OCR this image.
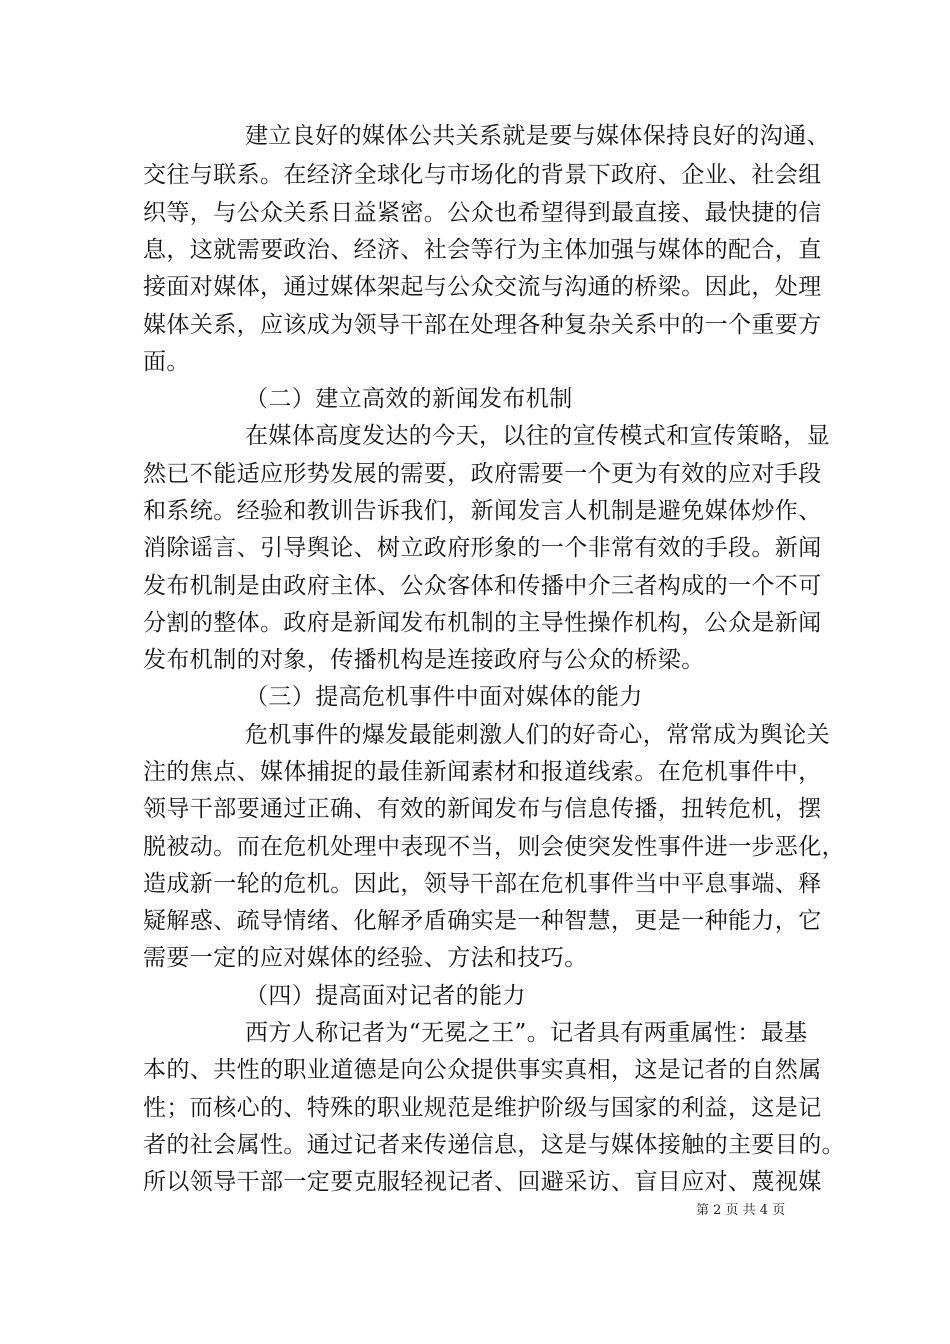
建立良好的媒体公共关系就是要与媒体保持良好的沟通、
交往与联系。在经济全球化与市场化的背景下政府、企业、社会组
织等，与公众关系日益紧密。公众也希望得到最直接、最快捷的信
息，这就需要政治、经济、社会等行为主体加强与媒体的配合，直
接面对媒体，通过媒体架起与公众交流与沟通的桥梁。因此，处理
媒体关系，应该成为领导干部在处理各种复杂关系中的一个重要方
面。
（二）建立高效的新闻发布机制
在媒体高度发达的今天，以往的宣传模式和宣传策略，显
然已不能适应形势发展的需要，政府需要一个更为有效的应对手段
和系统。经验和教训告诉我们，新闻发言人机制是避免媒体炒作、
消除谣言、引导舆论、树立政府形象的一个非常有效的手段。新闻
发布机制是由政府主体、公众客体和传播中介三者构成的一个不可
分割的整体。政府是新闻发布机制的主导性操作机构，公众是新闻
发布机制的对象，传播机构是连接政府与公众的桥梁。
（三）提高危机事件中面对媒体的能力
危机事件的爆发最能刺激人们的好奇心，常常成为舆论关
注的焦点、媒体捕捉的最佳新闻素材和报道线索。在危机事件中，
领导干部要通过正确、有效的新闻发布与信息传播，扭转危机，摆
脱被动。而在危机处理中表现不当，则会使突发性事件进一步恶化，
造成新一轮的危机。因此，领导干部在危机事件当中平息事端、释
疑解惑、疏导情绪、化解矛盾确实是一种智慧，更是一种能力，它
需要一定的应对媒体的经验、方法和技巧。
（四）提高面对记者的能力
西方人称记者为“无冕之王”。记者具有两重属性：最基
本的、共性的职业道德是向公众提供事实真相，这是记者的自然属
性；而核心的、特殊的职业规范是维护阶级与国家的利益，这是记
者的社会属性。通过记者来传递信息，这是与媒体接触的主要目的。
所以领导干部一定要克服轻视记者、回避采访、盲目应对、蔑视媒
第 2 页 共 4 页
